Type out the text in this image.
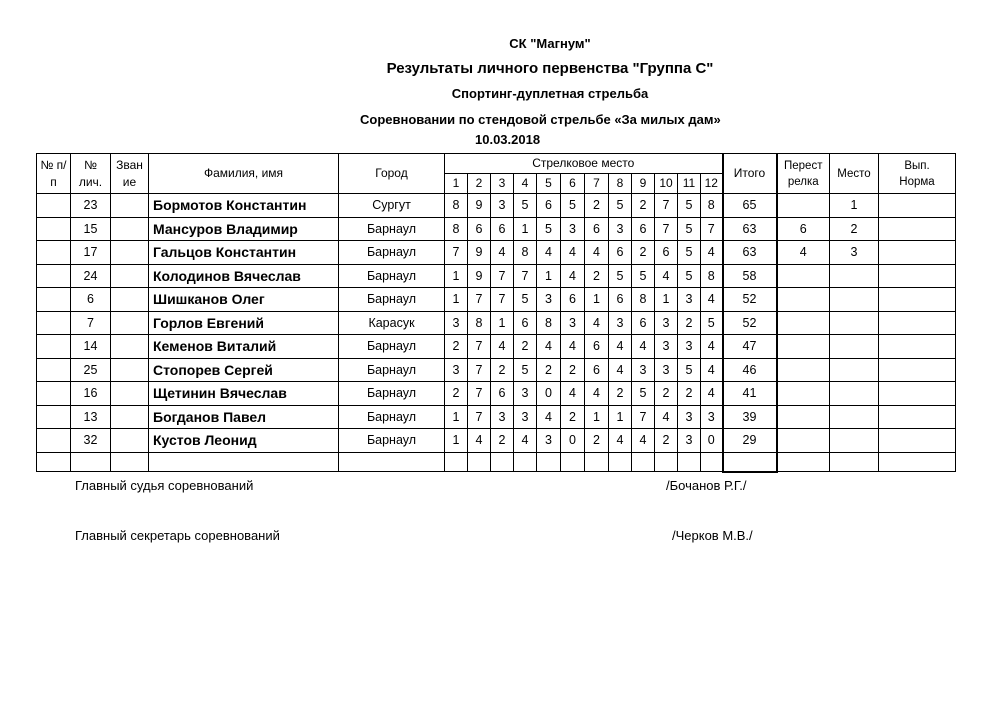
СК "Магнум"
Результаты личного первенства "Группа С"
Спортинг-дуплетная стрельба
Соревновании по стендовой стрельбе «За милых дам»
10.03.2018
№ п/п	№ лич.	Зван ие	Фамилия, имя	Город	Стрелковое место												Итого	Перест релка	Место	Вып. Норма
					1	2	3	4	5	6	7	8	9	10	11	12				
	23		Бормотов Константин	Сургут	8	9	3	5	6	5	2	5	2	7	5	8	65		1	
	15		Мансуров Владимир	Барнаул	8	6	6	1	5	3	6	3	6	7	5	7	63	6	2	
	17		Гальцов Константин	Барнаул	7	9	4	8	4	4	4	6	2	6	5	4	63	4	3	
	24		Колодинов Вячеслав	Барнаул	1	9	7	7	1	4	2	5	5	4	5	8	58			
	6		Шишканов Олег	Барнаул	1	7	7	5	3	6	1	6	8	1	3	4	52			
	7		Горлов Евгений	Карасук	3	8	1	6	8	3	4	3	6	3	2	5	52			
	14		Кеменов Виталий	Барнаул	2	7	4	2	4	4	6	4	4	3	3	4	47			
	25		Стопорев Сергей	Барнаул	3	7	2	5	2	2	6	4	3	3	5	4	46			
	16		Щетинин Вячеслав	Барнаул	2	7	6	3	0	4	4	2	5	2	2	4	41			
	13		Богданов Павел	Барнаул	1	7	3	3	4	2	1	1	7	4	3	3	39			
	32		Кустов Леонид	Барнаул	1	4	2	4	3	0	2	4	4	2	3	0	29			

Главный судья соревнований	/Бочанов Р.Г./
Главный секретарь соревнований	/Черков М.В./
